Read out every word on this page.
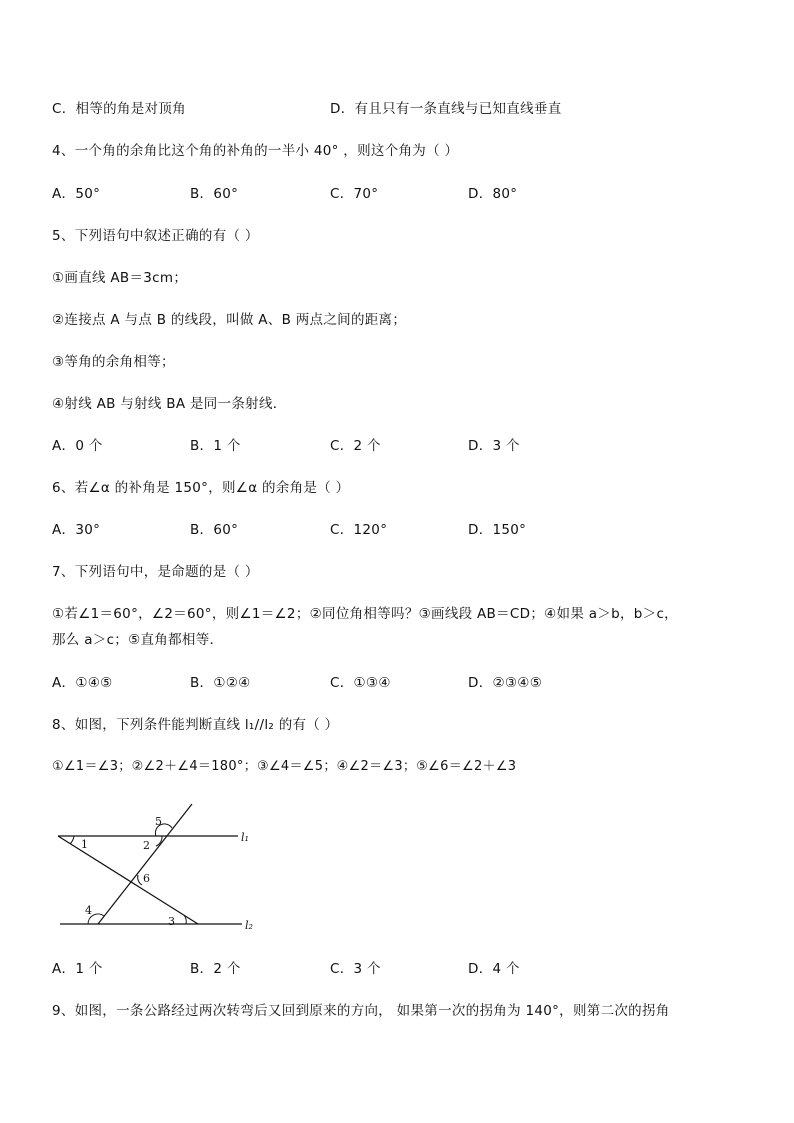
C．相等的角是对顶角	D．有且只有一条直线与已知直线垂直
4、一个角的余角比这个角的补角的一半小 40° ，则这个角为（ ）
A．50°	B．60°	C．70°	D．80°
5、下列语句中叙述正确的有（ ）
①画直线 AB＝3cm；
②连接点 A 与点 B 的线段，叫做 A、B 两点之间的距离；
③等角的余角相等；
④射线 AB 与射线 BA 是同一条射线．
A．0 个	B．1 个	C．2 个	D．3 个
6、若∠α 的补角是 150°，则∠α 的余角是（ ）
A．30°	B．60°	C．120°	D．150°
7、下列语句中，是命题的是（ ）
①若∠1＝60°，∠2＝60°，则∠1＝∠2；②同位角相等吗？③画线段 AB＝CD；④如果 a＞b，b＞c，
那么 a＞c；⑤直角都相等．
A．①④⑤	B．①②④	C．①③④	D．②③④⑤
8、如图，下列条件能判断直线 l₁//l₂ 的有（ ）
①∠1＝∠3；②∠2＋∠4＝180°；③∠4＝∠5；④∠2＝∠3；⑤∠6＝∠2＋∠3
1	2
3
4
5
6
l₁
l₂
A．1 个	B．2 个	C．3 个	D．4 个
9、如图，一条公路经过两次转弯后又回到原来的方向， 如果第一次的拐角为 140°，则第二次的拐角
